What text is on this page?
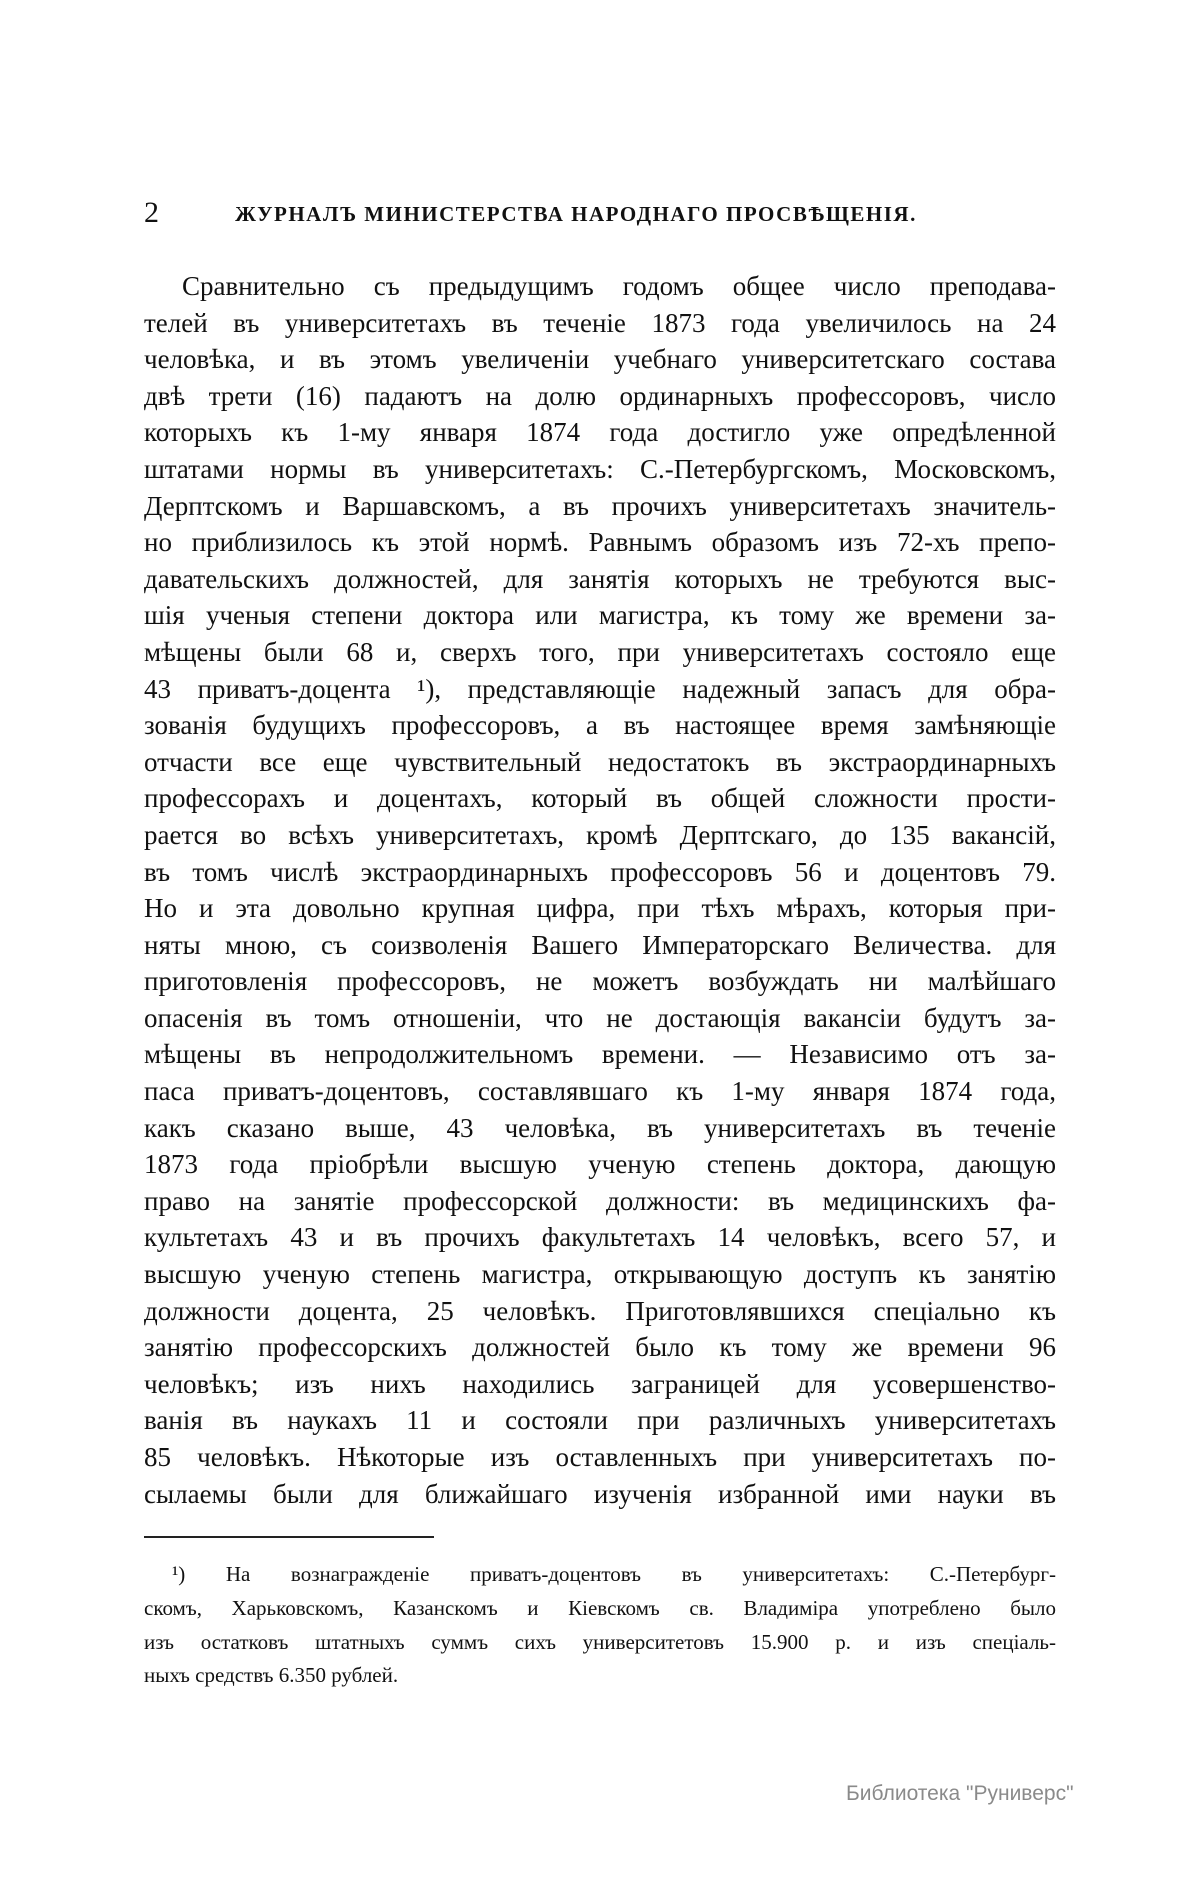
2	ЖУРНАЛЪ МИНИСТЕРСТВА НАРОДНАГО ПРОСВѢЩЕНІЯ.
Сравнительно съ предыдущимъ годомъ общее число преподава-
телей въ университетахъ въ теченіе 1873 года увеличилось на 24
человѣка, и въ этомъ увеличеніи учебнаго университетскаго состава
двѣ трети (16) падаютъ на долю ординарныхъ профессоровъ, число
которыхъ къ 1-му января 1874 года достигло уже опредѣленной
штатами нормы въ университетахъ: С.-Петербургскомъ, Московскомъ,
Дерптскомъ и Варшавскомъ, а въ прочихъ университетахъ значитель-
но приблизилось къ этой нормѣ. Равнымъ образомъ изъ 72-хъ препо-
давательскихъ должностей, для занятія которыхъ не требуются выс-
шія ученыя степени доктора или магистра, къ тому же времени за-
мѣщены были 68 и, сверхъ того, при университетахъ состояло еще
43 приватъ-доцента ¹), представляющіе надежный запасъ для обра-
зованія будущихъ профессоровъ, а въ настоящее время замѣняющіе
отчасти все еще чувствительный недостатокъ въ экстраординарныхъ
профессорахъ и доцентахъ, который въ общей сложности прости-
рается во всѣхъ университетахъ, кромѣ Дерптскаго, до 135 вакансій,
въ томъ числѣ экстраординарныхъ профессоровъ 56 и доцентовъ 79.
Но и эта довольно крупная цифра, при тѣхъ мѣрахъ, которыя при-
няты мною, съ соизволенія Вашего Императорскаго Величества. для
приготовленія профессоровъ, не можетъ возбуждать ни малѣйшаго
опасенія въ томъ отношеніи, что не достающія вакансіи будутъ за-
мѣщены въ непродолжительномъ времени. — Независимо отъ за-
паса приватъ-доцентовъ, составлявшаго къ 1-му января 1874 года,
какъ сказано выше, 43 человѣка, въ университетахъ въ теченіе
1873 года пріобрѣли высшую ученую степень доктора, дающую
право на занятіе профессорской должности: въ медицинскихъ фа-
культетахъ 43 и въ прочихъ факультетахъ 14 человѣкъ, всего 57, и
высшую ученую степень магистра, открывающую доступъ къ занятію
должности доцента, 25 человѣкъ. Приготовлявшихся спеціально къ
занятію профессорскихъ должностей было къ тому же времени 96
человѣкъ; изъ нихъ находились заграницей для усовершенство-
ванія въ наукахъ 11 и состояли при различныхъ университетахъ
85 человѣкъ. Нѣкоторые изъ оставленныхъ при университетахъ по-
сылаемы были для ближайшаго изученія избранной ими науки въ
¹) На вознагражденіе приватъ-доцентовъ въ университетахъ: С.-Петербург-
скомъ, Харьковскомъ, Казанскомъ и Кіевскомъ св. Владиміра употреблено было
изъ остатковъ штатныхъ суммъ сихъ университетовъ 15.900 р. и изъ спеціаль-
ныхъ средствъ 6.350 рублей.
Библиотека "Руниверс"
